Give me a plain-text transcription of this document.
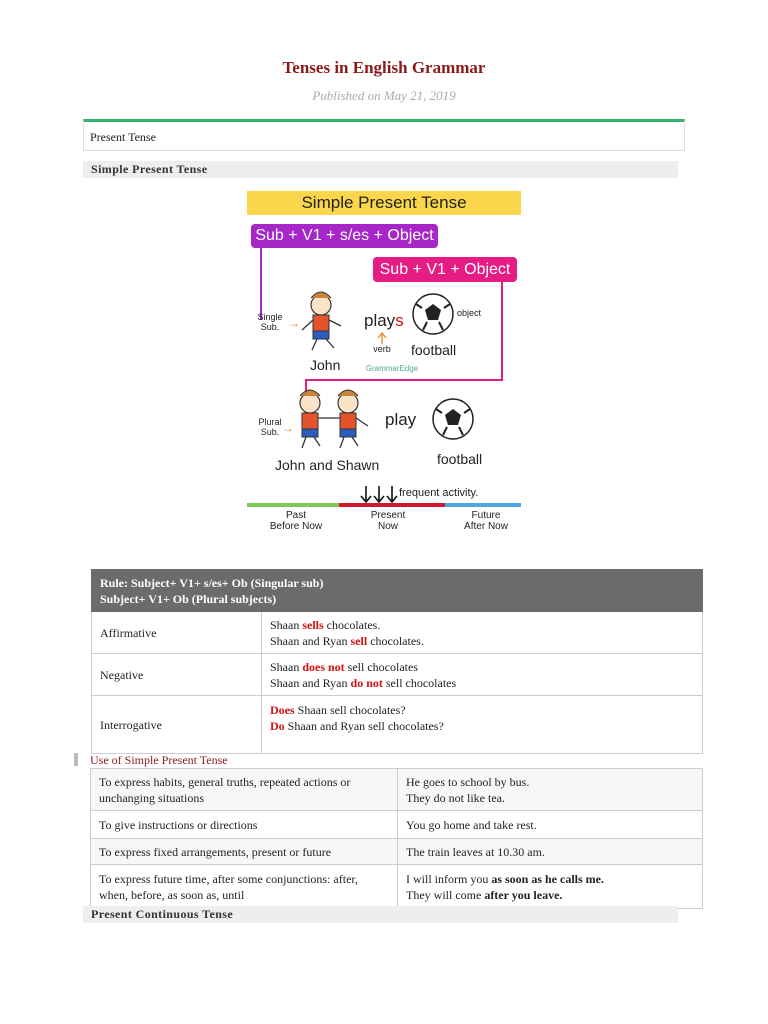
Tenses in English Grammar
Published on May 21, 2019
Present Tense
Simple Present Tense
Simple Present Tense
Sub + V1 + s/es + Object
Sub + V1 + Object
Single Sub. →	plays
verb
object
football
John	GrammarEdge
Plural Sub. →	play
football
John and Shawn
frequent activity.
Past
Before Now
Present
Now
Future
After Now
Rule: Subject+ V1+ s/es+ Ob (Singular sub)
Subject+ V1+ Ob (Plural subjects)	
Affirmative	Shaan sells chocolates.
Shaan and Ryan sell chocolates.
Negative	Shaan does not sell chocolates
Shaan and Ryan do not sell chocolates
Interrogative	Does Shaan sell chocolates?
Do Shaan and Ryan sell chocolates?
Use of Simple Present Tense
To express habits, general truths, repeated actions or unchanging situations	He goes to school by bus.
They do not like tea.
To give instructions or directions	You go home and take rest.
To express fixed arrangements, present or future	The train leaves at 10.30 am.
To express future time, after some conjunctions: after, when, before, as soon as, until	I will inform you as soon as he calls me.
They will come after you leave.
Present Continuous Tense
